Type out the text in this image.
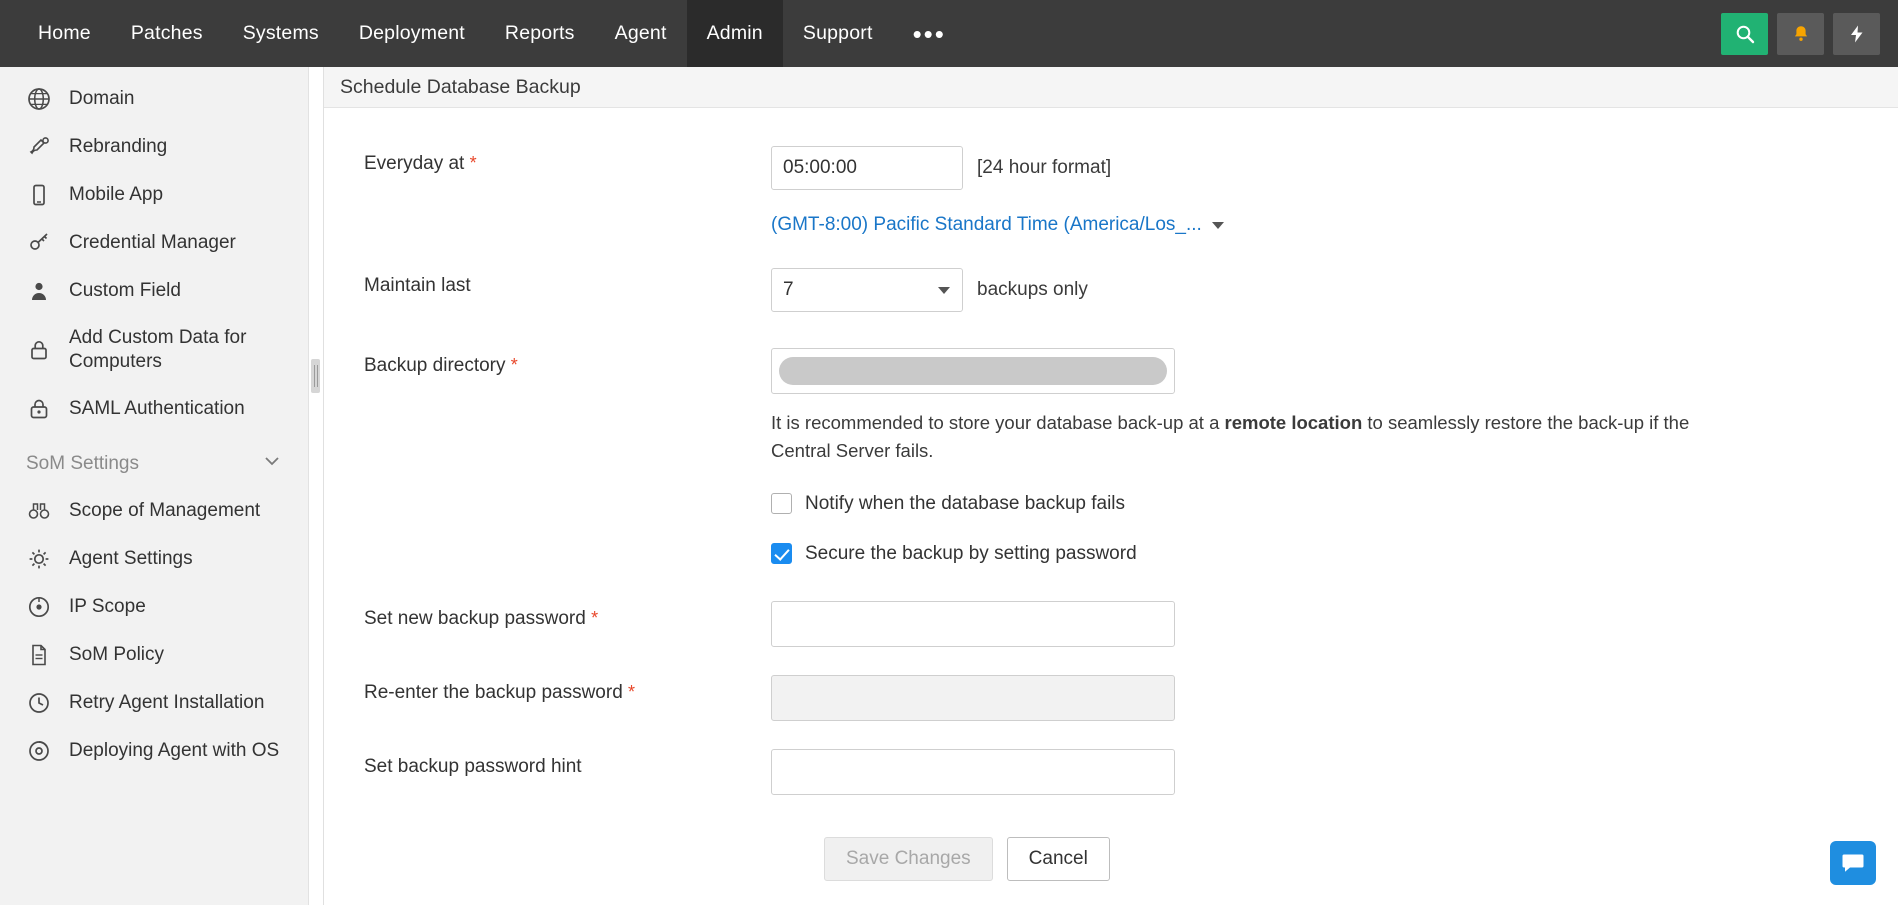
Home Patches Systems Deployment Reports Agent Admin Support •••
Domain
Rebranding
Mobile App
Credential Manager
Custom Field
Add Custom Data for Computers
SAML Authentication
SoM Settings
Scope of Management
Agent Settings
IP Scope
SoM Policy
Retry Agent Installation
Deploying Agent with OS
Schedule Database Backup
Everyday at *
05:00:00	[24 hour format]
(GMT-8:00) Pacific Standard Time (America/Los_...
Maintain last	7	backups only
Backup directory *
It is recommended to store your database back-up at a remote location to seamlessly restore the back-up if the Central Server fails.
Notify when the database backup fails
Secure the backup by setting password
Set new backup password *
Re-enter the backup password *
Set backup password hint
Save Changes	Cancel
